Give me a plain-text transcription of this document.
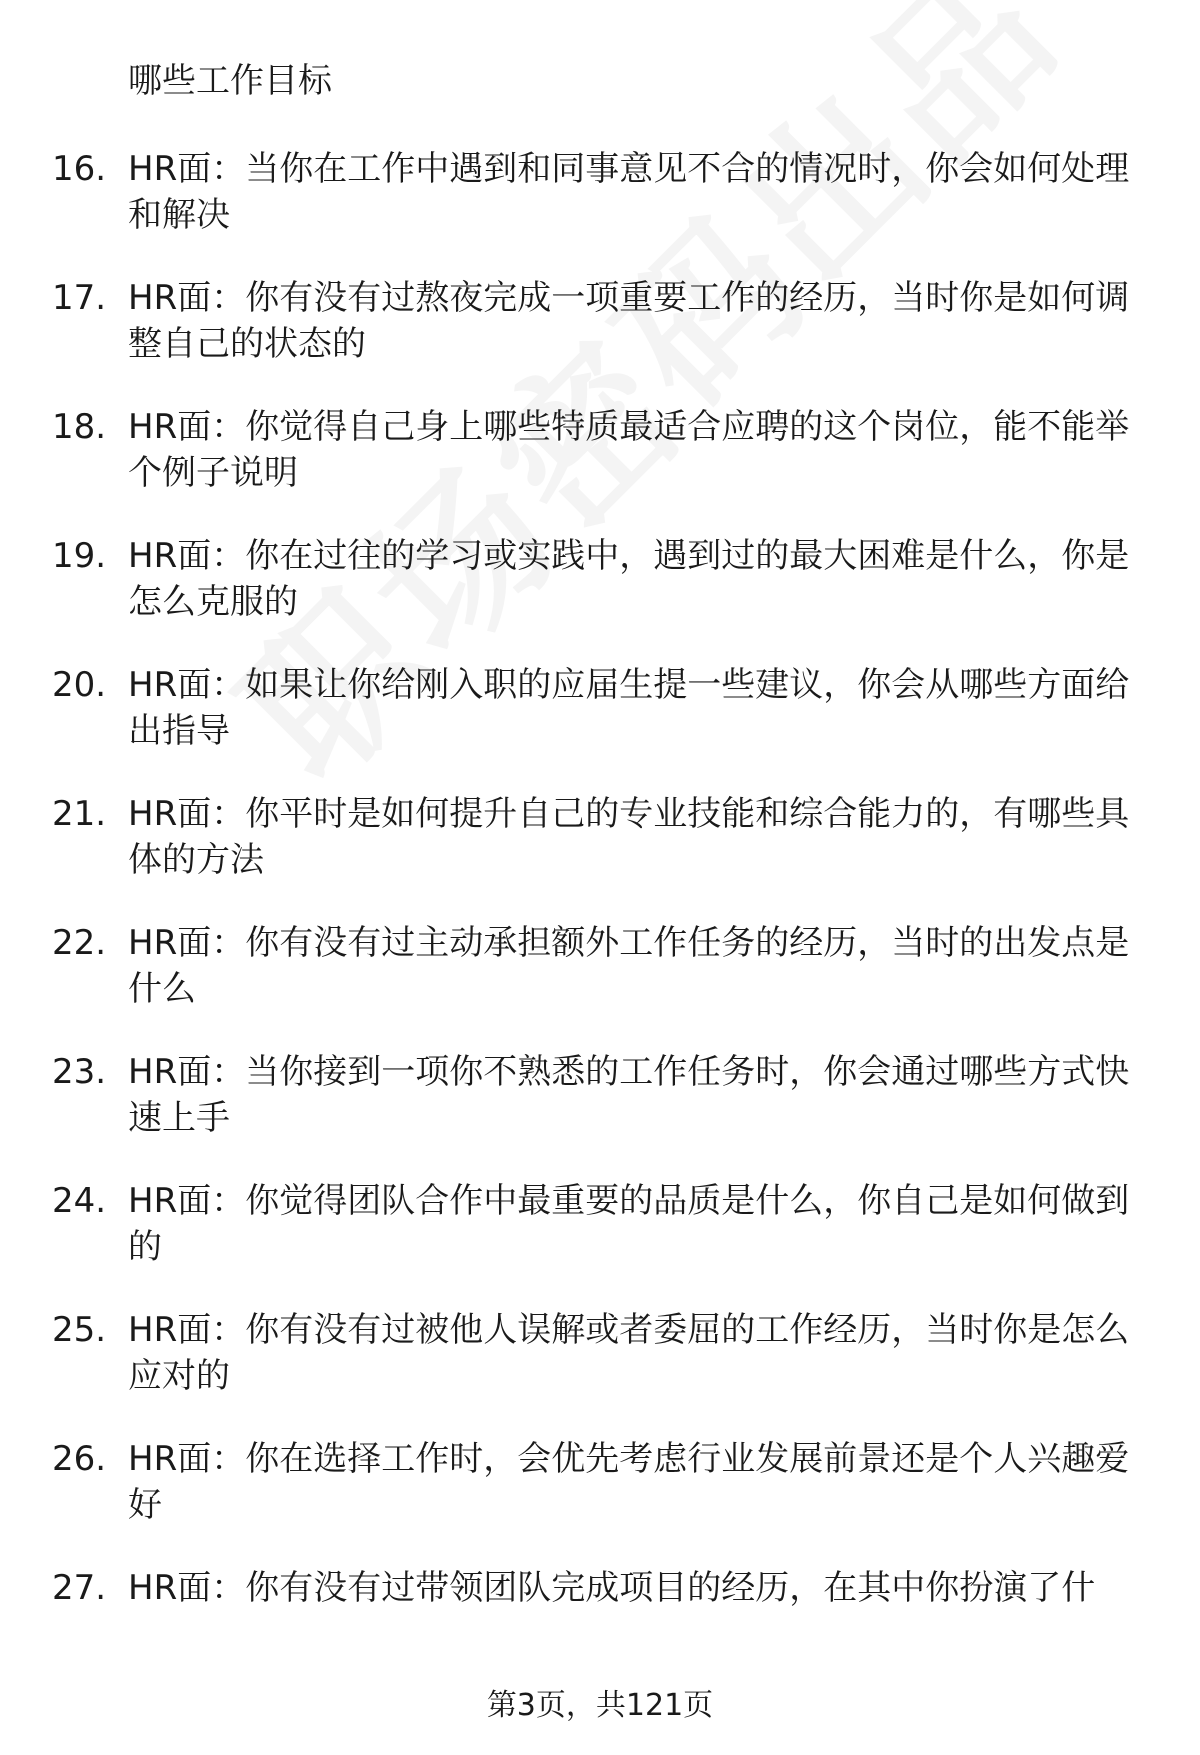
哪些工作目标

16. HR面：当你在工作中遇到和同事意见不合的情况时，你会如何处理和解决
17. HR面：你有没有过熬夜完成一项重要工作的经历，当时你是如何调整自己的状态的
18. HR面：你觉得自己身上哪些特质最适合应聘的这个岗位，能不能举个例子说明
19. HR面：你在过往的学习或实践中，遇到过的最大困难是什么，你是怎么克服的
20. HR面：如果让你给刚入职的应届生提一些建议，你会从哪些方面给出指导
21. HR面：你平时是如何提升自己的专业技能和综合能力的，有哪些具体的方法
22. HR面：你有没有过主动承担额外工作任务的经历，当时的出发点是什么
23. HR面：当你接到一项你不熟悉的工作任务时，你会通过哪些方式快速上手
24. HR面：你觉得团队合作中最重要的品质是什么，你自己是如何做到的
25. HR面：你有没有过被他人误解或者委屈的工作经历，当时你是怎么应对的
26. HR面：你在选择工作时，会优先考虑行业发展前景还是个人兴趣爱好
27. HR面：你有没有过带领团队完成项目的经历，在其中你扮演了什

第3页，共121页
